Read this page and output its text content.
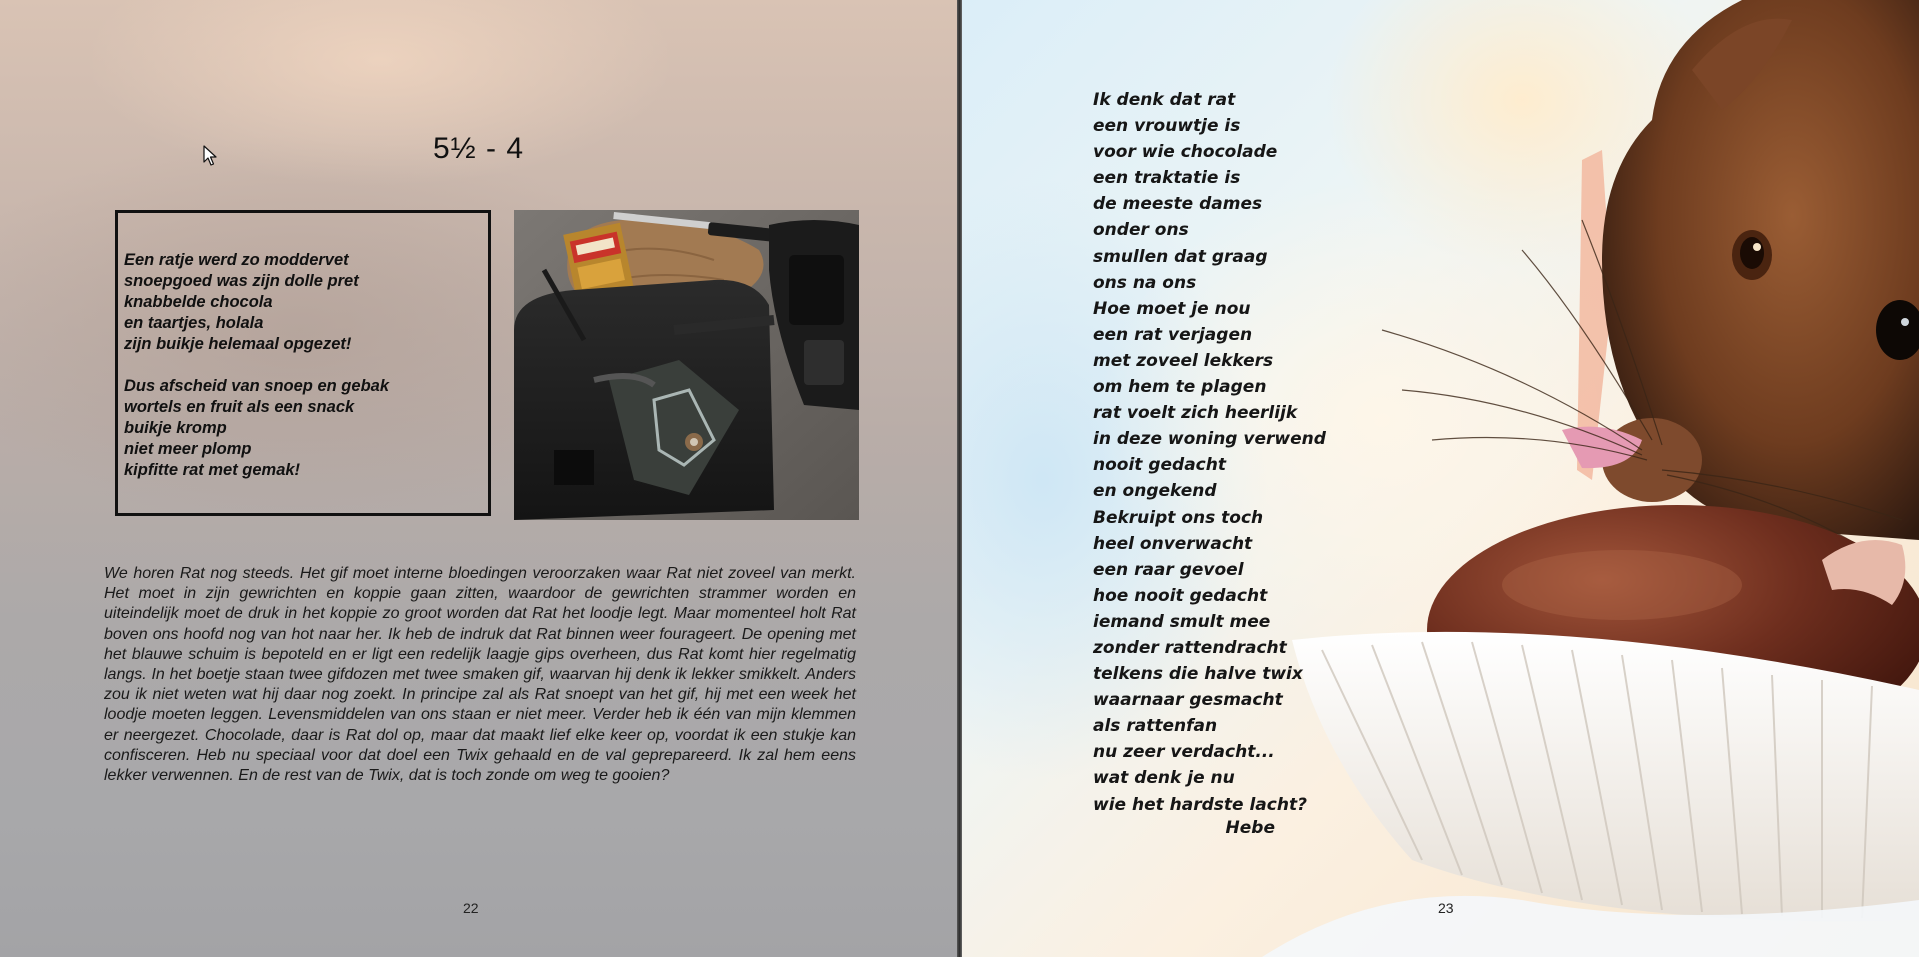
5½ - 4
Een ratje werd zo moddervet
snoepgoed was zijn dolle pret
knabbelde chocola
en taartjes, holala
zijn buikje helemaal opgezet!
Dus afscheid van snoep en gebak
wortels en fruit als een snack
buikje kromp
niet meer plomp
kipfitte rat met gemak!
We horen Rat nog steeds. Het gif moet interne bloedingen veroorzaken waar Rat niet zoveel van merkt. Het moet in zijn gewrichten en koppie gaan zitten, waardoor de gewrichten strammer worden en uiteindelijk moet de druk in het koppie zo groot worden dat Rat het loodje legt. Maar momenteel holt Rat boven ons hoofd nog van hot naar her. Ik heb de indruk dat Rat binnen weer fourageert. De opening met het blauwe schuim is bepoteld en er ligt een redelijk laagje gips overheen, dus Rat komt hier regelmatig langs. In het boetje staan twee gifdozen met twee smaken gif, waarvan hij denk ik lekker smikkelt. Anders zou ik niet weten wat hij daar nog zoekt. In principe zal als Rat snoept van het gif, hij met een week het loodje moeten leggen. Levensmiddelen van ons staan er niet meer. Verder heb ik één van mijn klemmen er neergezet. Chocolade, daar is Rat dol op, maar dat maakt lief elke keer op, voordat ik een stukje kan confisceren. Heb nu speciaal voor dat doel een Twix gehaald en de val geprepareerd. Ik zal hem eens lekker verwennen. En de rest van de Twix, dat is toch zonde om weg te gooien?
22
Ik denk dat rat
een vrouwtje is
voor wie chocolade
een traktatie is
de meeste dames
onder ons
smullen dat graag
ons na ons
Hoe moet je nou
een rat verjagen
met zoveel lekkers
om hem te plagen
rat voelt zich heerlijk
in deze woning verwend
nooit gedacht
en ongekend
Bekruipt ons toch
heel onverwacht
een raar gevoel
hoe nooit gedacht
iemand smult mee
zonder rattendracht
telkens die halve twix
waarnaar gesmacht
als rattenfan
nu zeer verdacht...
wat denk je nu
wie het hardste lacht?
Hebe
23
